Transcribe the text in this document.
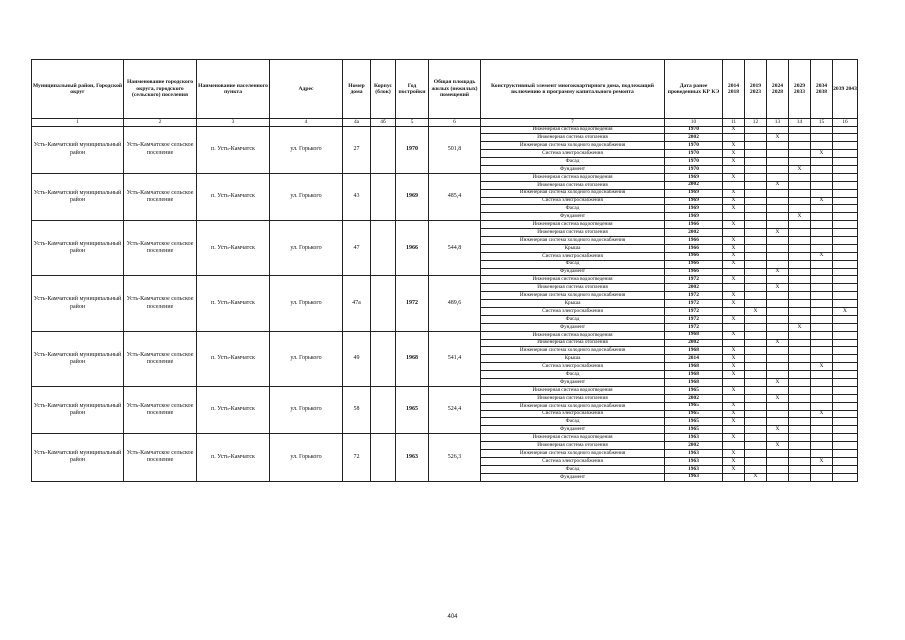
Муниципальный район, Городской округ	Наименование городского округа, городского (сельского) поселения	Наименование населенного пункта	Адрес	Номер дома	Корпус (блок)	Год постройки	Общая площадь жилых (нежилых) помещений	Конструктивный элемент многоквартирного дома, подлежащий включению в программу капитального ремонта	Дата ранее проведенных КР КЭ	2014 2018	2019 2023	2024 2028	2029 2033	2034 2038	2039 2043
1	2	3	4	4а	4б	5	6	7	10	11	12	13	14	15	16
Усть-Камчатский муниципальный район	Усть-Камчатское сельское поселение	п. Усть-Камчатск	ул. Горького	27		1970	501,8	Инженерная система водоотведения	1970	Х					
								Инженерная система отопления	2002			Х			
								Инженерная система холодного водоснабжения	1970	Х					
								Система электроснабжения	1970	Х				Х	
								Фасад	1970	Х					
								Фундамент	1970				Х		
Усть-Камчатский муниципальный район	Усть-Камчатское сельское поселение	п. Усть-Камчатск	ул. Горького	43		1969	485,4	Инженерная система водоотведения	1969	Х					
								Инженерная система отопления	2002			Х			
								Инженерная система холодного водоснабжения	1969	Х					
								Система электроснабжения	1969	Х				Х	
								Фасад	1969	Х					
								Фундамент	1969				Х		
Усть-Камчатский муниципальный район	Усть-Камчатское сельское поселение	п. Усть-Камчатск	ул. Горького	47		1966	544,8	Инженерная система водоотведения	1966	Х					
								Инженерная система отопления	2002			Х			
								Инженерная система холодного водоснабжения	1966	Х					
								Крыша	1966	Х					
								Система электроснабжения	1966	Х				Х	
								Фасад	1966	Х					
								Фундамент	1966			Х			
Усть-Камчатский муниципальный район	Усть-Камчатское сельское поселение	п. Усть-Камчатск	ул. Горького	47а		1972	489,6	Инженерная система водоотведения	1972	Х					
								Инженерная система отопления	2002			Х			
								Инженерная система холодного водоснабжения	1972	Х					
								Крыша	1972	Х					
								Система электроснабжения	1972		Х				Х
								Фасад	1972	Х					
								Фундамент	1972				Х		
Усть-Камчатский муниципальный район	Усть-Камчатское сельское поселение	п. Усть-Камчатск	ул. Горького	49		1968	541,4	Инженерная система водоотведения	1968	Х					
								Инженерная система отопления	2002			Х			
								Инженерная система холодного водоснабжения	1968	Х					
								Крыша	2014	Х					
								Система электроснабжения	1968	Х				Х	
								Фасад	1968	Х					
								Фундамент	1968			Х			
Усть-Камчатский муниципальный район	Усть-Камчатское сельское поселение	п. Усть-Камчатск	ул. Горького	58		1965	524,4	Инженерная система водоотведения	1965	Х					
								Инженерная система отопления	2002			Х			
								Инженерная система холодного водоснабжения	1965	Х					
								Система электроснабжения	1965	Х				Х	
								Фасад	1965	Х					
								Фундамент	1965			Х			
Усть-Камчатский муниципальный район	Усть-Камчатское сельское поселение	п. Усть-Камчатск	ул. Горького	72		1963	526,3	Инженерная система водоотведения	1963	Х					
								Инженерная система отопления	2002			Х			
								Инженерная система холодного водоснабжения	1963	Х					
								Система электроснабжения	1963	Х				Х	
								Фасад	1963	Х					
								Фундамент	1963		Х				
404
